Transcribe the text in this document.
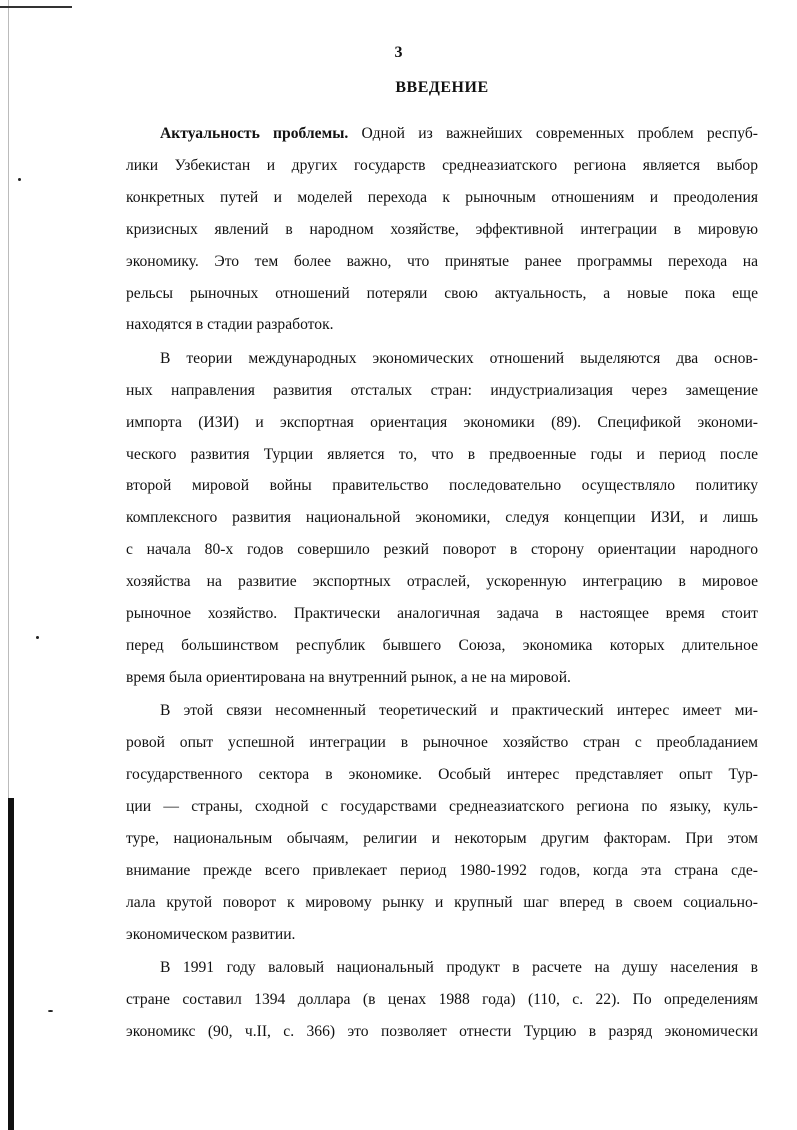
3
ВВЕДЕНИЕ
Актуальность проблемы. Одной из важнейших современных проблем респуб-
лики Узбекистан и других государств среднеазиатского региона является выбор
конкретных путей и моделей перехода к рыночным отношениям и преодоления
кризисных явлений в народном хозяйстве, эффективной интеграции в мировую
экономику. Это тем более важно, что принятые ранее программы перехода на
рельсы рыночных отношений потеряли свою актуальность, а новые пока еще
находятся в стадии разработок.
В теории международных экономических отношений выделяются два основ-
ных направления развития отсталых стран: индустриализация через замещение
импорта (ИЗИ) и экспортная ориентация экономики (89). Спецификой экономи-
ческого развития Турции является то, что в предвоенные годы и период после
второй мировой войны правительство последовательно осуществляло политику
комплексного развития национальной экономики, следуя концепции ИЗИ, и лишь
с начала 80-х годов совершило резкий поворот в сторону ориентации народного
хозяйства на развитие экспортных отраслей, ускоренную интеграцию в мировое
рыночное хозяйство. Практически аналогичная задача в настоящее время стоит
перед большинством республик бывшего Союза, экономика которых длительное
время была ориентирована на внутренний рынок, а не на мировой.
В этой связи несомненный теоретический и практический интерес имеет ми-
ровой опыт успешной интеграции в рыночное хозяйство стран с преобладанием
государственного сектора в экономике. Особый интерес представляет опыт Тур-
ции — страны, сходной с государствами среднеазиатского региона по языку, куль-
туре, национальным обычаям, религии и некоторым другим факторам. При этом
внимание прежде всего привлекает период 1980-1992 годов, когда эта страна сде-
лала крутой поворот к мировому рынку и крупный шаг вперед в своем социально-
экономическом развитии.
В 1991 году валовый национальный продукт в расчете на душу населения в
стране составил 1394 доллара (в ценах 1988 года) (110, с. 22). По определениям
экономикс (90, ч.II, с. 366) это позволяет отнести Турцию в разряд экономически
